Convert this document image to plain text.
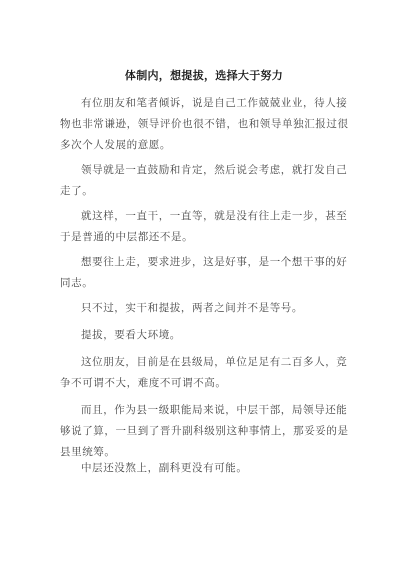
体制内，想提拔，选择大于努力

有位朋友和笔者倾诉，说是自己工作兢兢业业，待人接物也非常谦逊，领导评价也很不错，也和领导单独汇报过很多次个人发展的意愿。

领导就是一直鼓励和肯定，然后说会考虑，就打发自己走了。

就这样，一直干，一直等，就是没有往上走一步，甚至于是普通的中层都还不是。

想要往上走，要求进步，这是好事，是一个想干事的好同志。

只不过，实干和提拔，两者之间并不是等号。

提拔，要看大环境。

这位朋友，目前是在县级局，单位足足有二百多人，竞争不可谓不大，难度不可谓不高。

而且，作为县一级职能局来说，中层干部，局领导还能够说了算，一旦到了晋升副科级别这种事情上，那妥妥的是县里统筹。

中层还没熬上，副科更没有可能。
